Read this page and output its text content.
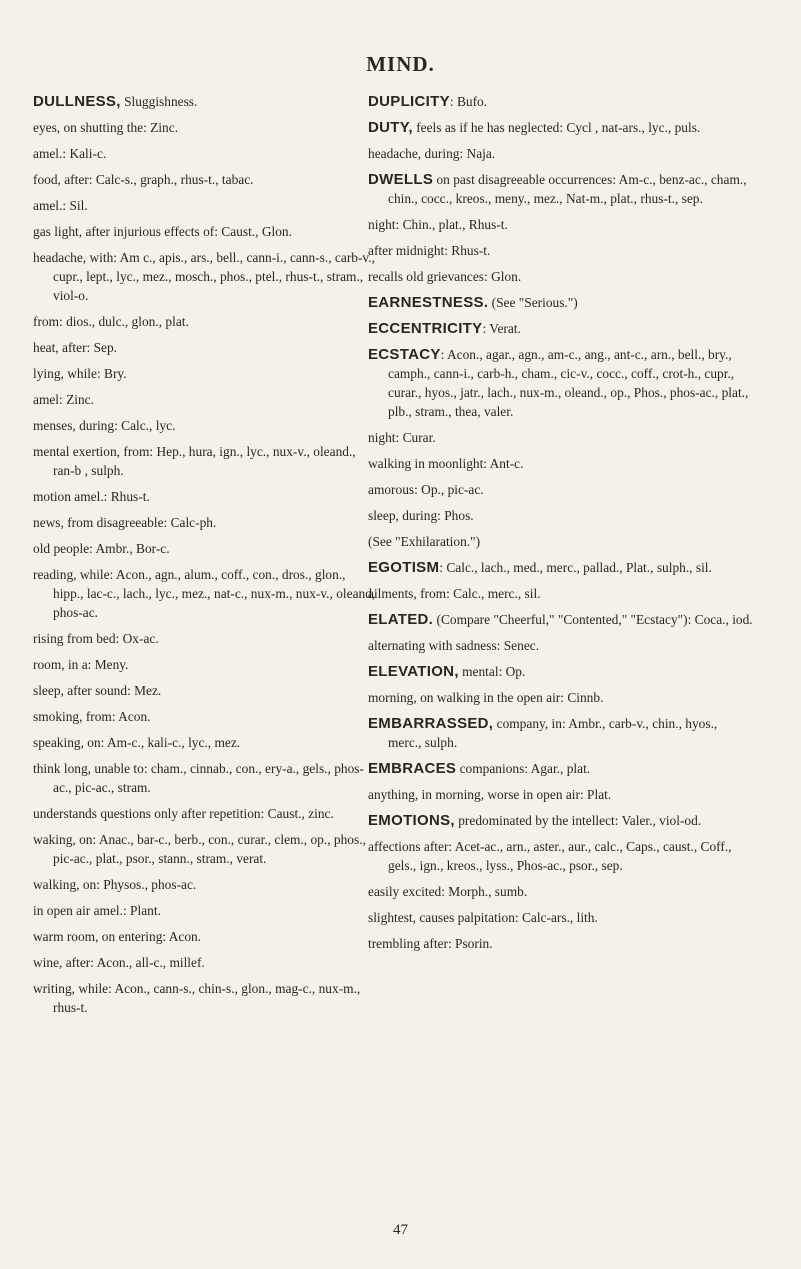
MIND.
DULLNESS, Sluggishness.
eyes, on shutting the: Zinc.
amel.: Kali-c.
food, after: Calc-s., graph., rhus-t., tabac.
amel.: Sil.
gas light, after injurious effects of: Caust., Glon.
headache, with: Am c., apis., ars., bell., cann-i., cann-s., carb-v., cupr., lept., lyc., mez., mosch., phos., ptel., rhus-t., stram., viol-o.
from: dios., dulc., glon., plat.
heat, after: Sep.
lying, while: Bry.
amel: Zinc.
menses, during: Calc., lyc.
mental exertion, from: Hep., hura, ign., lyc., nux-v., oleand., ran-b , sulph.
motion amel.: Rhus-t.
news, from disagreeable: Calc-ph.
old people: Ambr., Bor-c.
reading, while: Acon., agn., alum., coff., con., dros., glon., hipp., lac-c., lach., lyc., mez., nat-c., nux-m., nux-v., oleand, phos-ac.
rising from bed: Ox-ac.
room, in a: Meny.
sleep, after sound: Mez.
smoking, from: Acon.
speaking, on: Am-c., kali-c., lyc., mez.
think long, unable to: cham., cinnab., con., ery-a., gels., phos-ac., pic-ac., stram.
understands questions only after repetition: Caust., zinc.
waking, on: Anac., bar-c., berb., con., curar., clem., op., phos., pic-ac., plat., psor., stann., stram., verat.
walking, on: Physos., phos-ac.
in open air amel.: Plant.
warm room, on entering: Acon.
wine, after: Acon., all-c., millef.
writing, while: Acon., cann-s., chin-s., glon., mag-c., nux-m., rhus-t.
DUPLICITY: Bufo.
DUTY, feels as if he has neglected: Cycl , nat-ars., lyc., puls.
headache, during: Naja.
DWELLS on past disagreeable occurrences: Am-c., benz-ac., cham., chin., cocc., kreos., meny., mez., Nat-m., plat., rhus-t., sep.
night: Chin., plat., Rhus-t.
after midnight: Rhus-t.
recalls old grievances: Glon.
EARNESTNESS. (See "Serious.")
ECCENTRICITY: Verat.
ECSTACY: Acon., agar., agn., am-c., ang., ant-c., arn., bell., bry., camph., cann-i., carb-h., cham., cic-v., cocc., coff., crot-h., cupr., curar., hyos., jatr., lach., nux-m., oleand., op., Phos., phos-ac., plat., plb., stram., thea, valer.
night: Curar.
walking in moonlight: Ant-c.
amorous: Op., pic-ac.
sleep, during: Phos.
(See "Exhilaration.")
EGOTISM: Calc., lach., med., merc., pallad., Plat., sulph., sil.
ailments, from: Calc., merc., sil.
ELATED. (Compare "Cheerful," "Contented," "Ecstacy"): Coca., iod.
alternating with sadness: Senec.
ELEVATION, mental: Op.
morning, on walking in the open air: Cinnb.
EMBARRASSED, company, in: Ambr., carb-v., chin., hyos., merc., sulph.
EMBRACES companions: Agar., plat.
anything, in morning, worse in open air: Plat.
EMOTIONS, predominated by the intellect: Valer., viol-od.
affections after: Acet-ac., arn., aster., aur., calc., Caps., caust., Coff., gels., ign., kreos., lyss., Phos-ac., psor., sep.
easily excited: Morph., sumb.
slightest, causes palpitation: Calc-ars., lith.
trembling after: Psorin.
47
